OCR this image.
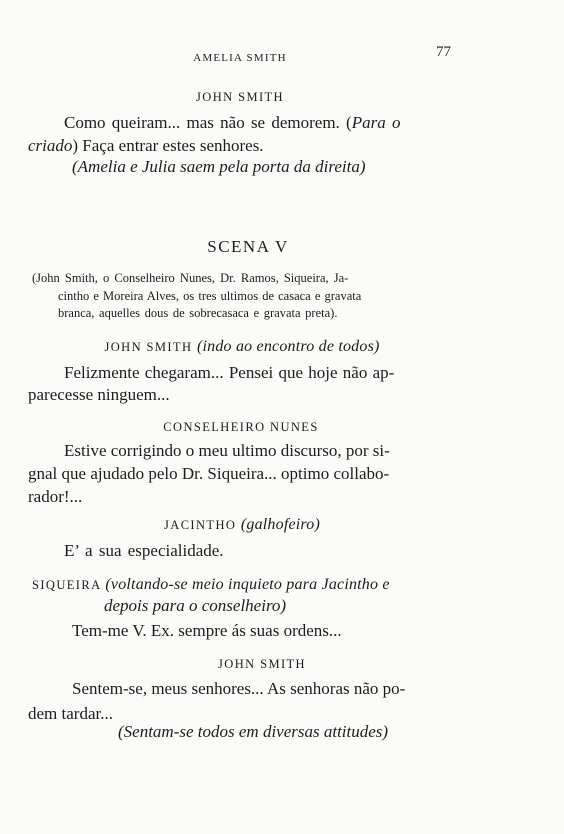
AMELIA SMITH	77
JOHN SMITH
Como queiram... mas não se demorem. (Para o
criado) Faça entrar estes senhores.
(Amelia e Julia saem pela porta da direita)
SCENA V
(John Smith, o Conselheiro Nunes, Dr. Ramos, Siqueira, Ja-
cintho e Moreira Alves, os tres ultimos de casaca e gravata
branca, aquelles dous de sobrecasaca e gravata preta).
JOHN SMITH (indo ao encontro de todos)
Felizmente chegaram... Pensei que hoje não ap-
parecesse ninguem...
CONSELHEIRO NUNES
Estive corrigindo o meu ultimo discurso, por si-
gnal que ajudado pelo Dr. Siqueira... optimo collabo-
rador!...
JACINTHO (galhofeiro)
E’ a sua especialidade.
SIQUEIRA (voltando-se meio inquieto para Jacintho e
depois para o conselheiro)
Tem-me V. Ex. sempre ás suas ordens...
JOHN SMITH
Sentem-se, meus senhores... As senhoras não po-
dem tardar...
(Sentam-se todos em diversas attitudes)
